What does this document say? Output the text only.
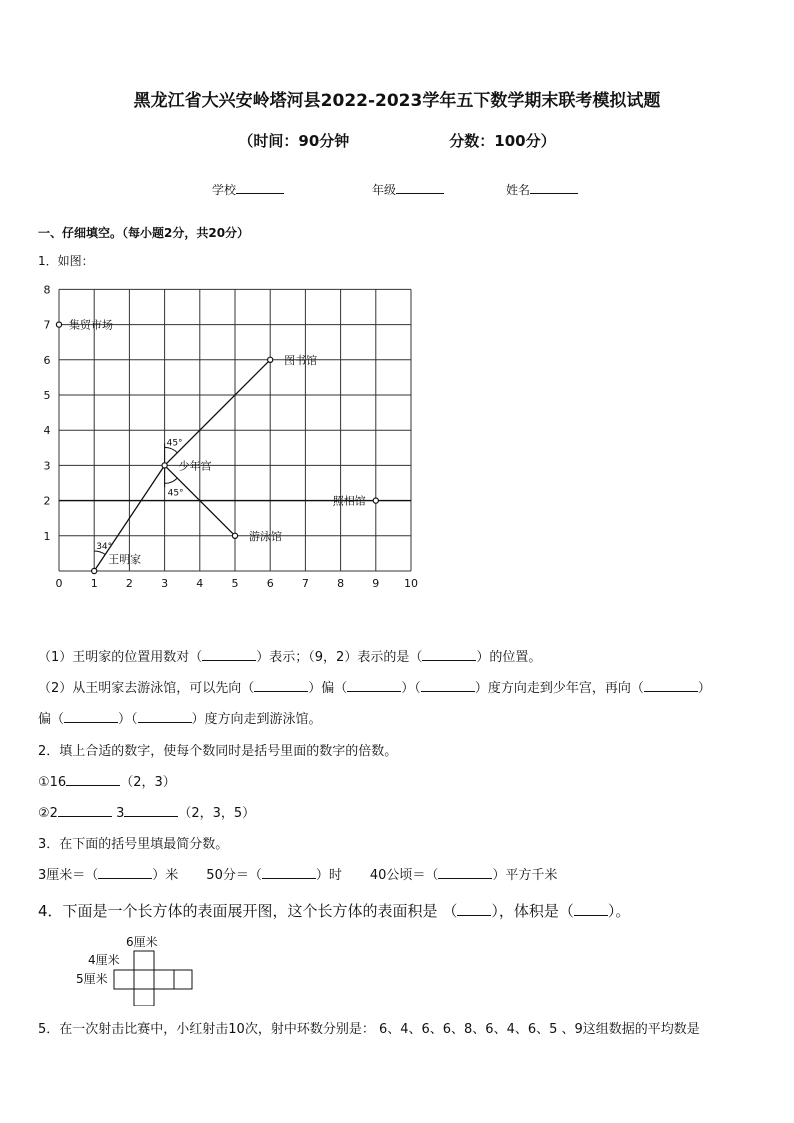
黑龙江省大兴安岭塔河县2022-2023学年五下数学期末联考模拟试题
（时间：90分钟	分数：100分）
学校	年级	姓名
一、仔细填空。（每小题2分，共20分）
1．如图：
0	1	2	3	4	5	6	7	8	9 10
1
2
3
4
5
6
7
8
45°
45°
34°
集贸市场
图书馆
少年宫
照相馆
游泳馆
王明家
（1）王明家的位置用数对（	）表示；（9，2）表示的是（	）的位置。
（2）从王明家去游泳馆，可以先向（	）偏（	）（	）度方向走到少年宫，再向（	）
偏（	）（	）度方向走到游泳馆。
2．填上合适的数字，使每个数同时是括号里面的数字的倍数。
①16	（2，3）
②2	3	（2，3，5）
3．在下面的括号里填最简分数。
3厘米＝（	）米 50分＝（	）时 40公顷＝（	）平方千米
4．下面是一个长方体的表面展开图，这个长方体的表面积是 （ ），体积是（ ）。
6厘米
4厘米
5厘米
5．在一次射击比赛中，小红射击10次，射中环数分别是： 6、4、6、6、8、6、4、6、5 、9这组数据的平均数是
